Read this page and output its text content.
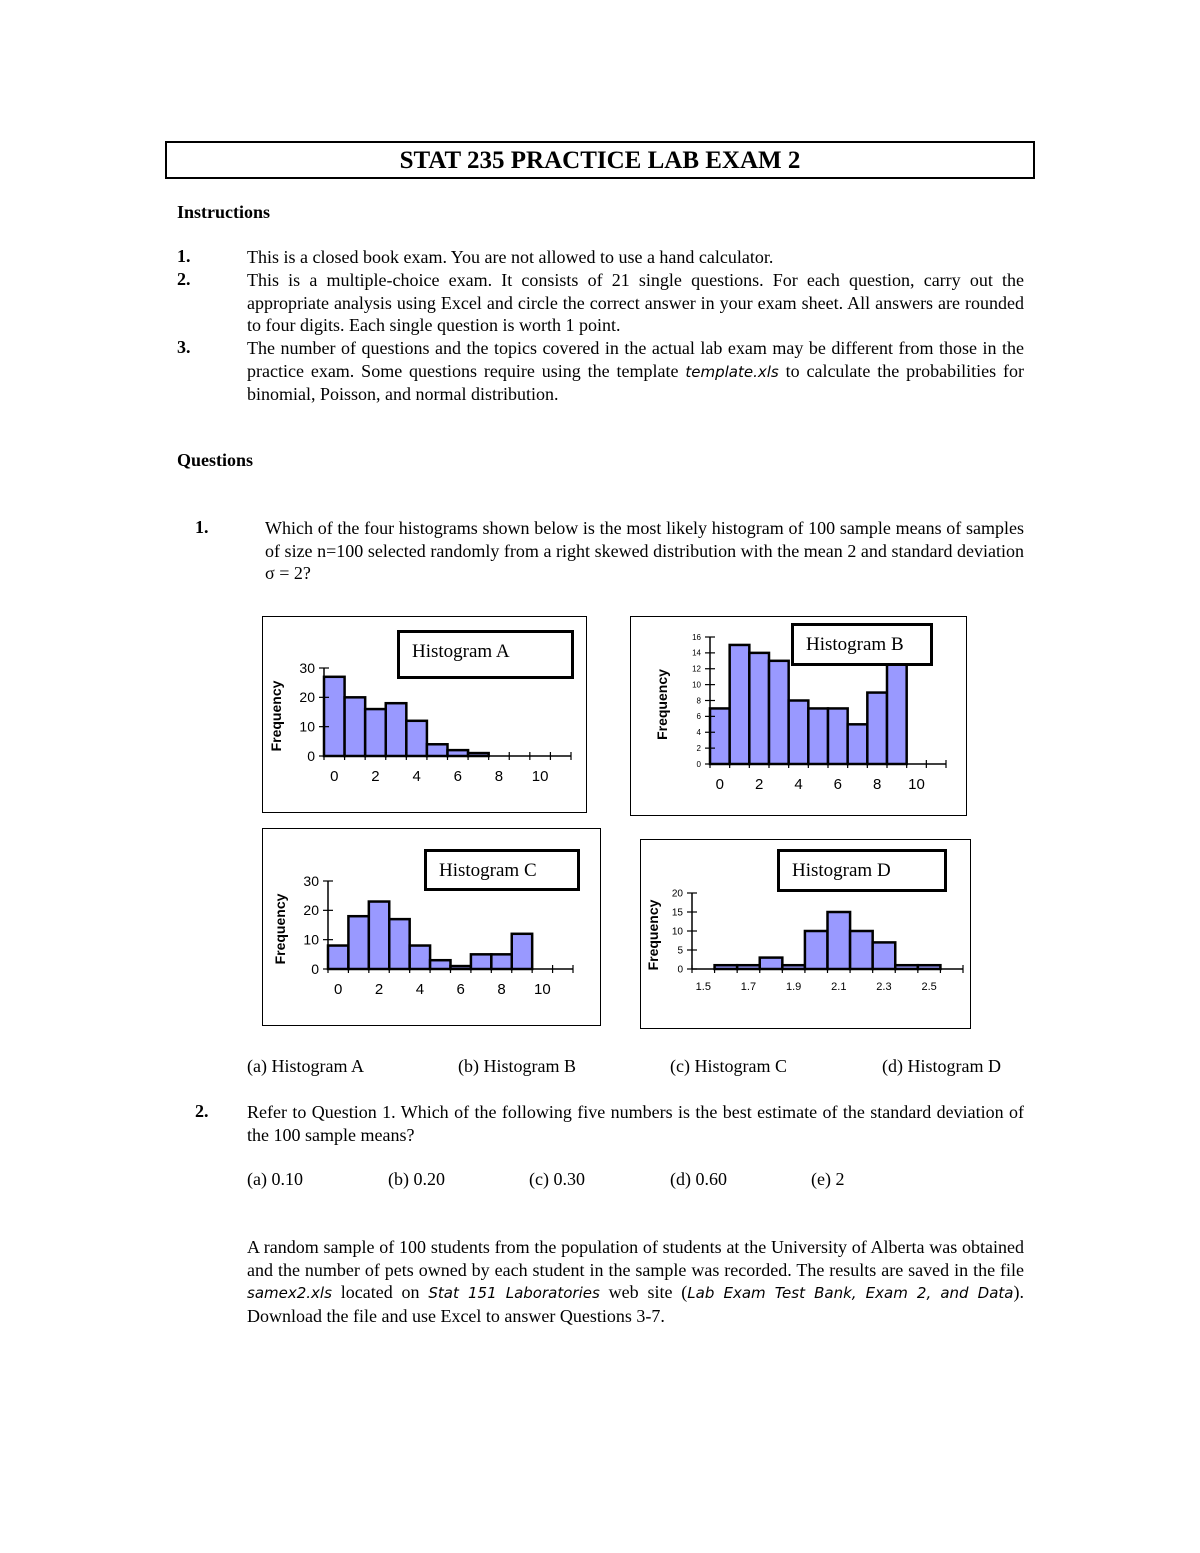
STAT 235 PRACTICE LAB EXAM 2
Instructions
1.	This is a closed book exam. You are not allowed to use a hand calculator.
2.	This is a multiple-choice exam. It consists of 21 single questions. For each question, carry out the appropriate analysis using Excel and circle the correct answer in your exam sheet. All answers are rounded to four digits. Each single question is worth 1 point.
3.	The number of questions and the topics covered in the actual lab exam may be different from those in the practice exam. Some questions require using the template template.xls to calculate the probabilities for binomial, Poisson, and normal distribution.
Questions
1.	Which of the four histograms shown below is the most likely histogram of 100 sample means of samples of size n=100 selected randomly from a right skewed distribution with the mean 2 and standard deviation σ = 2?
0 2 4 6 8 10
0
10
20
30
Frequency
Histogram A
0 2 4 6 8 10
0
2
4
6
8
10
12
14
16
Frequency
Histogram B
0 2 4 6 8 10
0
10
20
30
Frequency
Histogram C
1.5	1.7	1.9	2.1	2.3	2.5
0
5
10
15
20
Frequency
Histogram D
(a) Histogram A	(b) Histogram B	(c) Histogram C	(d) Histogram D
2. Refer to Question 1. Which of the following five numbers is the best estimate of the standard deviation of the 100 sample means?
(a) 0.10	(b) 0.20	(c) 0.30	(d) 0.60	(e) 2
A random sample of 100 students from the population of students at the University of Alberta was obtained and the number of pets owned by each student in the sample was recorded. The results are saved in the file samex2.xls located on Stat 151 Laboratories web site (Lab Exam Test Bank, Exam 2, and Data). Download the file and use Excel to answer Questions 3-7.
